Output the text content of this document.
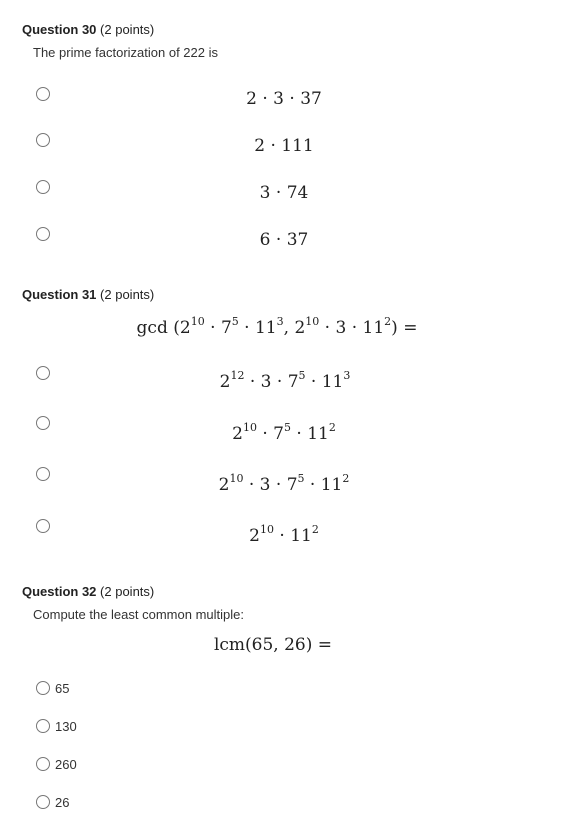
Question 30 (2 points)
The prime factorization of 222 is
2 · 3 · 37
2 · 111
3 · 74
6 · 37
Question 31 (2 points)
$\gcd (2^{10} \cdot 7^5 \cdot 11^3$, $2^{10} \cdot 3 \cdot 11^2$) =
$2^{12} \cdot 3 \cdot 7^5 \cdot 11^3$
$2^{10} \cdot 7^5 \cdot 11^2$
$2^{10} \cdot 3 \cdot 7^5 \cdot 11^2$
$2^{10} \cdot 11^2$
Question 32 (2 points)
Compute the least common multiple:
lcm(65, 26) =
65
130
260
26
